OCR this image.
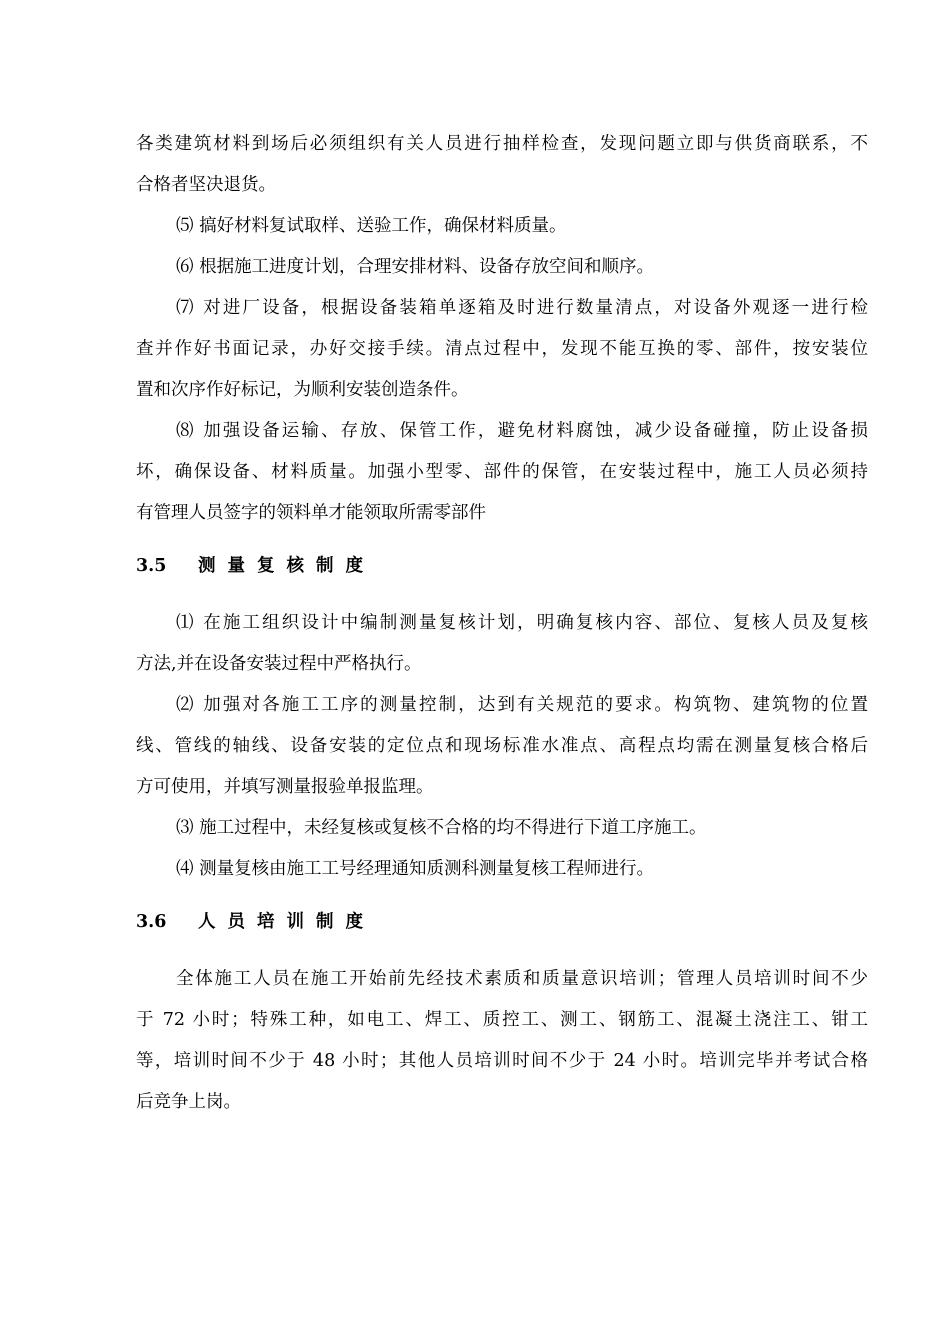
各类建筑材料到场后必须组织有关人员进行抽样检查，发现问题立即与供货商联系，不

合格者坚决退货。

⑸ 搞好材料复试取样、送验工作，确保材料质量。

⑹ 根据施工进度计划，合理安排材料、设备存放空间和顺序。

⑺ 对进厂设备，根据设备装箱单逐箱及时进行数量清点，对设备外观逐一进行检

查并作好书面记录，办好交接手续。清点过程中，发现不能互换的零、部件，按安装位

置和次序作好标记，为顺利安装创造条件。

⑻ 加强设备运输、存放、保管工作，避免材料腐蚀，减少设备碰撞，防止设备损

坏，确保设备、材料质量。加强小型零、部件的保管，在安装过程中，施工人员必须持

有管理人员签字的领料单才能领取所需零部件

3.5 测量复核制度

⑴ 在施工组织设计中编制测量复核计划，明确复核内容、部位、复核人员及复核

方法,并在设备安装过程中严格执行。

⑵ 加强对各施工工序的测量控制，达到有关规范的要求。构筑物、建筑物的位置

线、管线的轴线、设备安装的定位点和现场标准水准点、高程点均需在测量复核合格后

方可使用，并填写测量报验单报监理。

⑶ 施工过程中，未经复核或复核不合格的均不得进行下道工序施工。

⑷ 测量复核由施工工号经理通知质测科测量复核工程师进行。

3.6 人员培训制度

全体施工人员在施工开始前先经技术素质和质量意识培训；管理人员培训时间不少

于 72 小时；特殊工种，如电工、焊工、质控工、测工、钢筋工、混凝土浇注工、钳工

等，培训时间不少于 48 小时；其他人员培训时间不少于 24 小时。培训完毕并考试合格

后竞争上岗。
